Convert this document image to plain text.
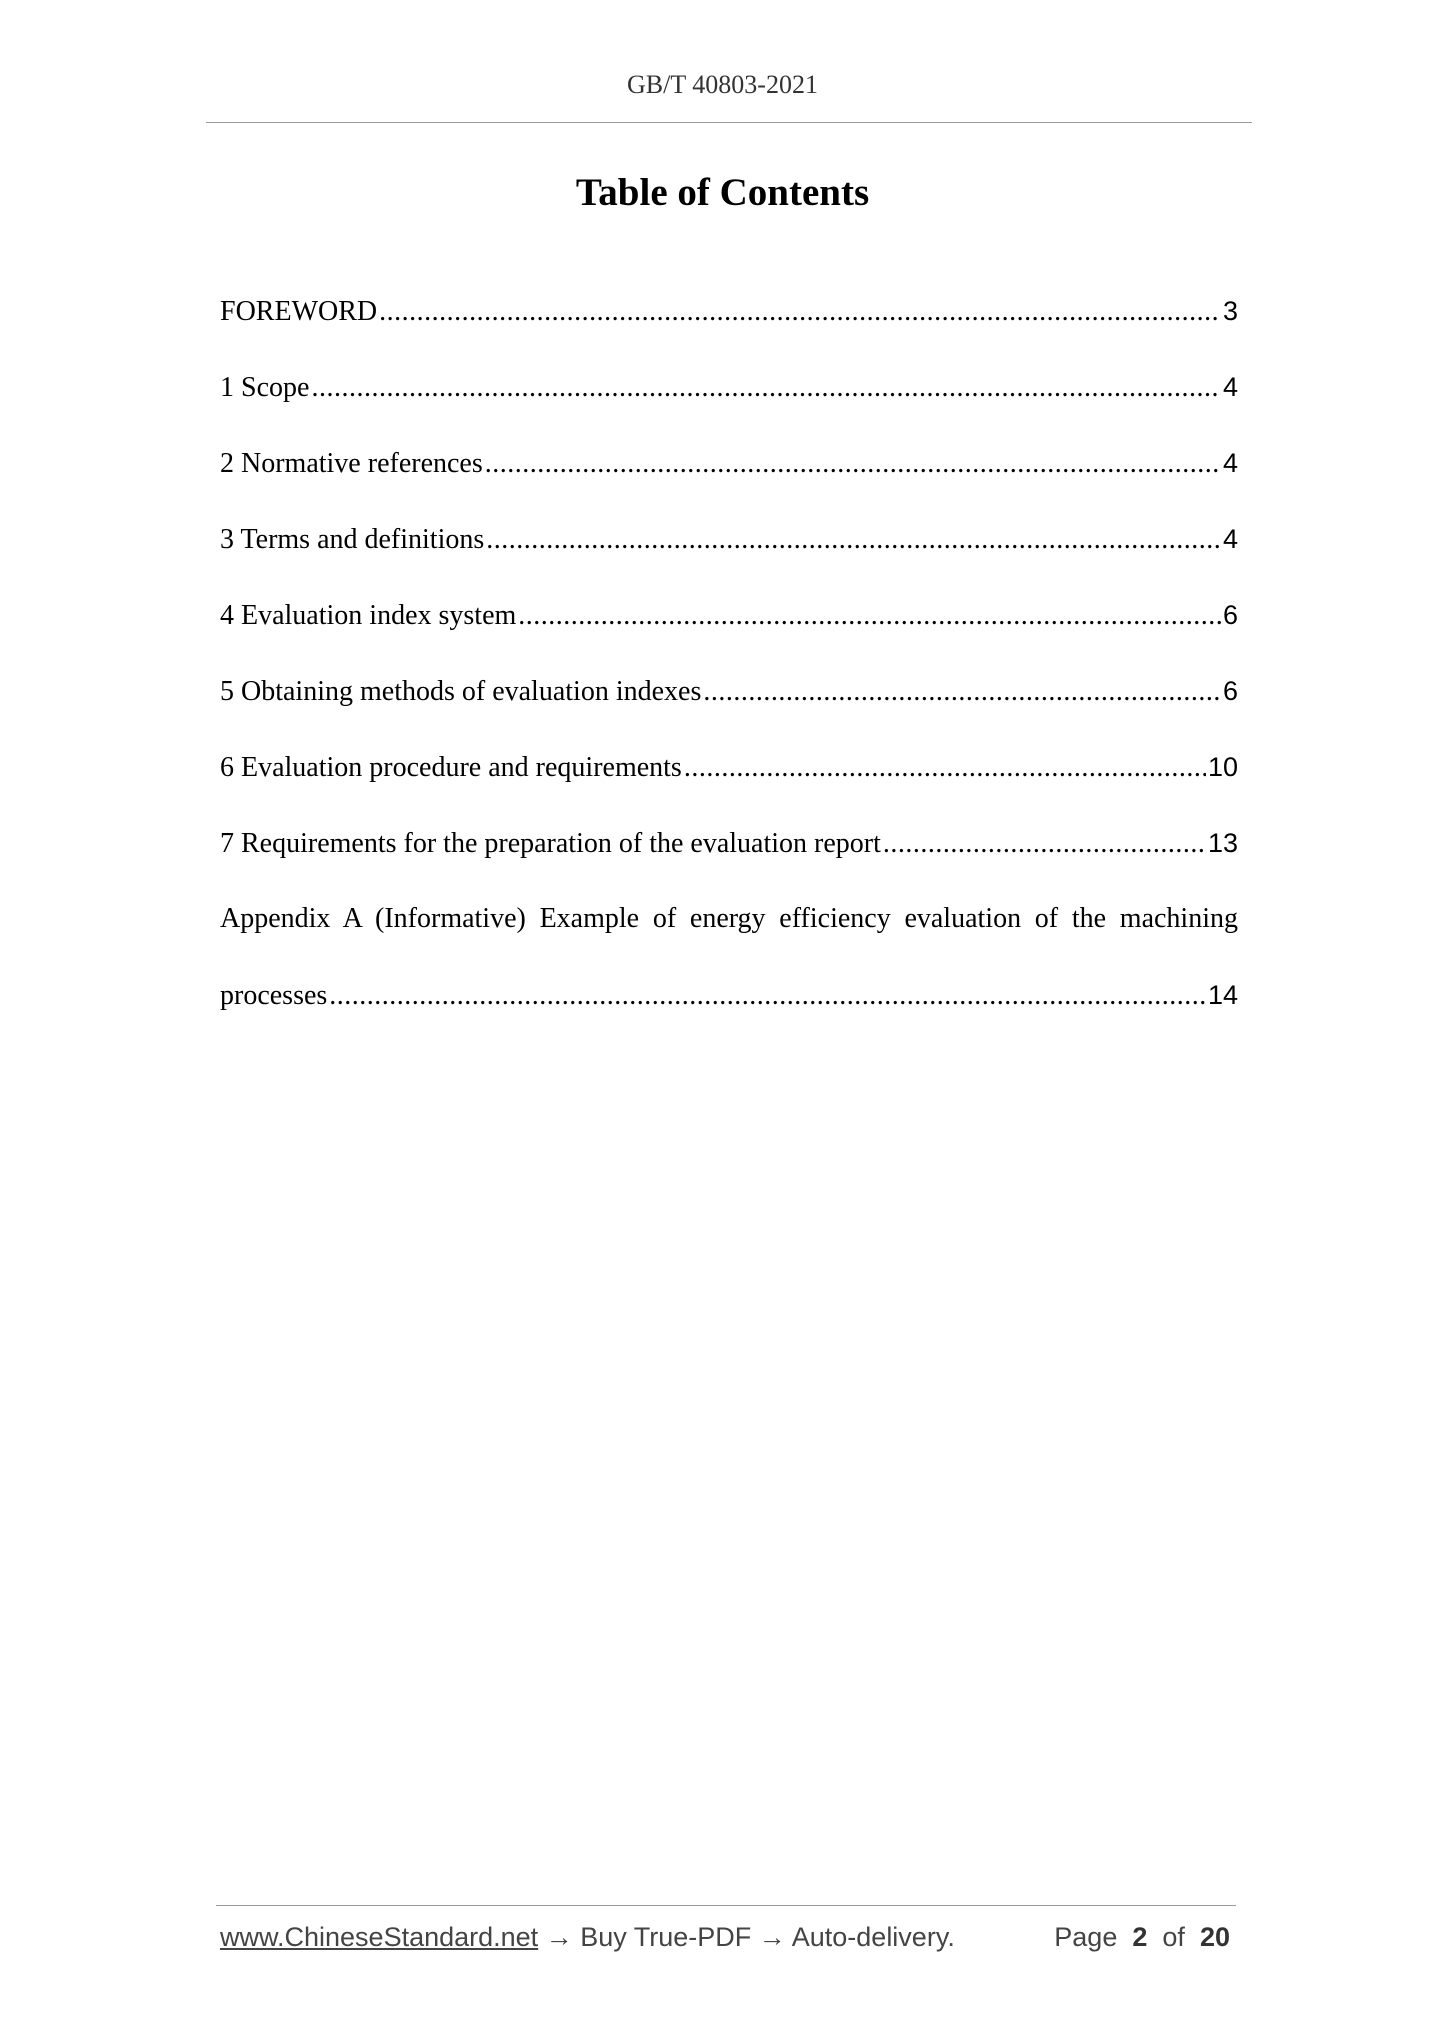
GB/T 40803-2021
Table of Contents
FOREWORD .....	3
1 Scope .....	4
2 Normative references .....	4
3 Terms and definitions .....	4
4 Evaluation index system .....	6
5 Obtaining methods of evaluation indexes .....	6
6 Evaluation procedure and requirements .....	10
7 Requirements for the preparation of the evaluation report .....	13
Appendix A (Informative) Example of energy efficiency evaluation of the machining
processes .....	14
www.ChineseStandard.net → Buy True-PDF → Auto-delivery.	Page 2 of 20
